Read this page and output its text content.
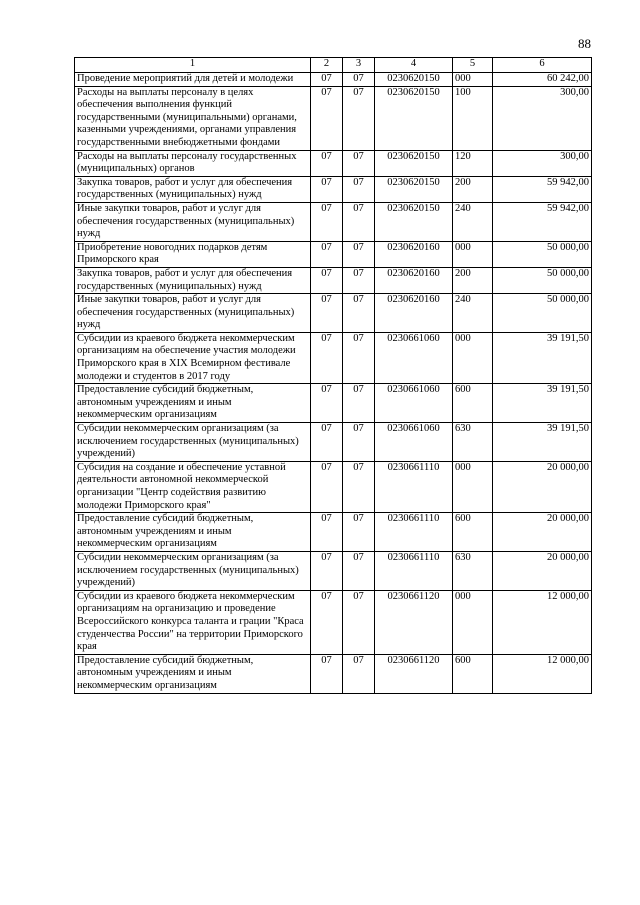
88
1	2	3	4	5	6
Проведение мероприятий для детей и молодежи	07	07	0230620150	000	60 242,00
Расходы на выплаты персоналу в целях обеспечения выполнения функций государственными (муниципальными) органами, казенными учреждениями, органами управления государственными внебюджетными фондами	07	07	0230620150	100	300,00
Расходы на выплаты персоналу государственных (муниципальных) органов	07	07	0230620150	120	300,00
Закупка товаров, работ и услуг для обеспечения государственных (муниципальных) нужд	07	07	0230620150	200	59 942,00
Иные закупки товаров, работ и услуг для обеспечения государственных (муниципальных) нужд	07	07	0230620150	240	59 942,00
Приобретение новогодних подарков детям Приморского края	07	07	0230620160	000	50 000,00
Закупка товаров, работ и услуг для обеспечения государственных (муниципальных) нужд	07	07	0230620160	200	50 000,00
Иные закупки товаров, работ и услуг для обеспечения государственных (муниципальных) нужд	07	07	0230620160	240	50 000,00
Субсидии из краевого бюджета некоммерческим организациям на обеспечение участия молодежи Приморского края в XIX Всемирном фестивале молодежи и студентов в 2017 году	07	07	0230661060	000	39 191,50
Предоставление субсидий бюджетным, автономным учреждениям и иным некоммерческим организациям	07	07	0230661060	600	39 191,50
Субсидии некоммерческим организациям (за исключением государственных (муниципальных) учреждений)	07	07	0230661060	630	39 191,50
Субсидия на создание и обеспечение уставной деятельности автономной некоммерческой организации "Центр содействия развитию молодежи Приморского края"	07	07	0230661110	000	20 000,00
Предоставление субсидий бюджетным, автономным учреждениям и иным некоммерческим организациям	07	07	0230661110	600	20 000,00
Субсидии некоммерческим организациям (за исключением государственных (муниципальных) учреждений)	07	07	0230661110	630	20 000,00
Субсидии из краевого бюджета некоммерческим организациям на организацию и проведение Всероссийского конкурса таланта и грации "Краса студенчества России" на территории Приморского края	07	07	0230661120	000	12 000,00
Предоставление субсидий бюджетным, автономным учреждениям и иным некоммерческим организациям	07	07	0230661120	600	12 000,00
